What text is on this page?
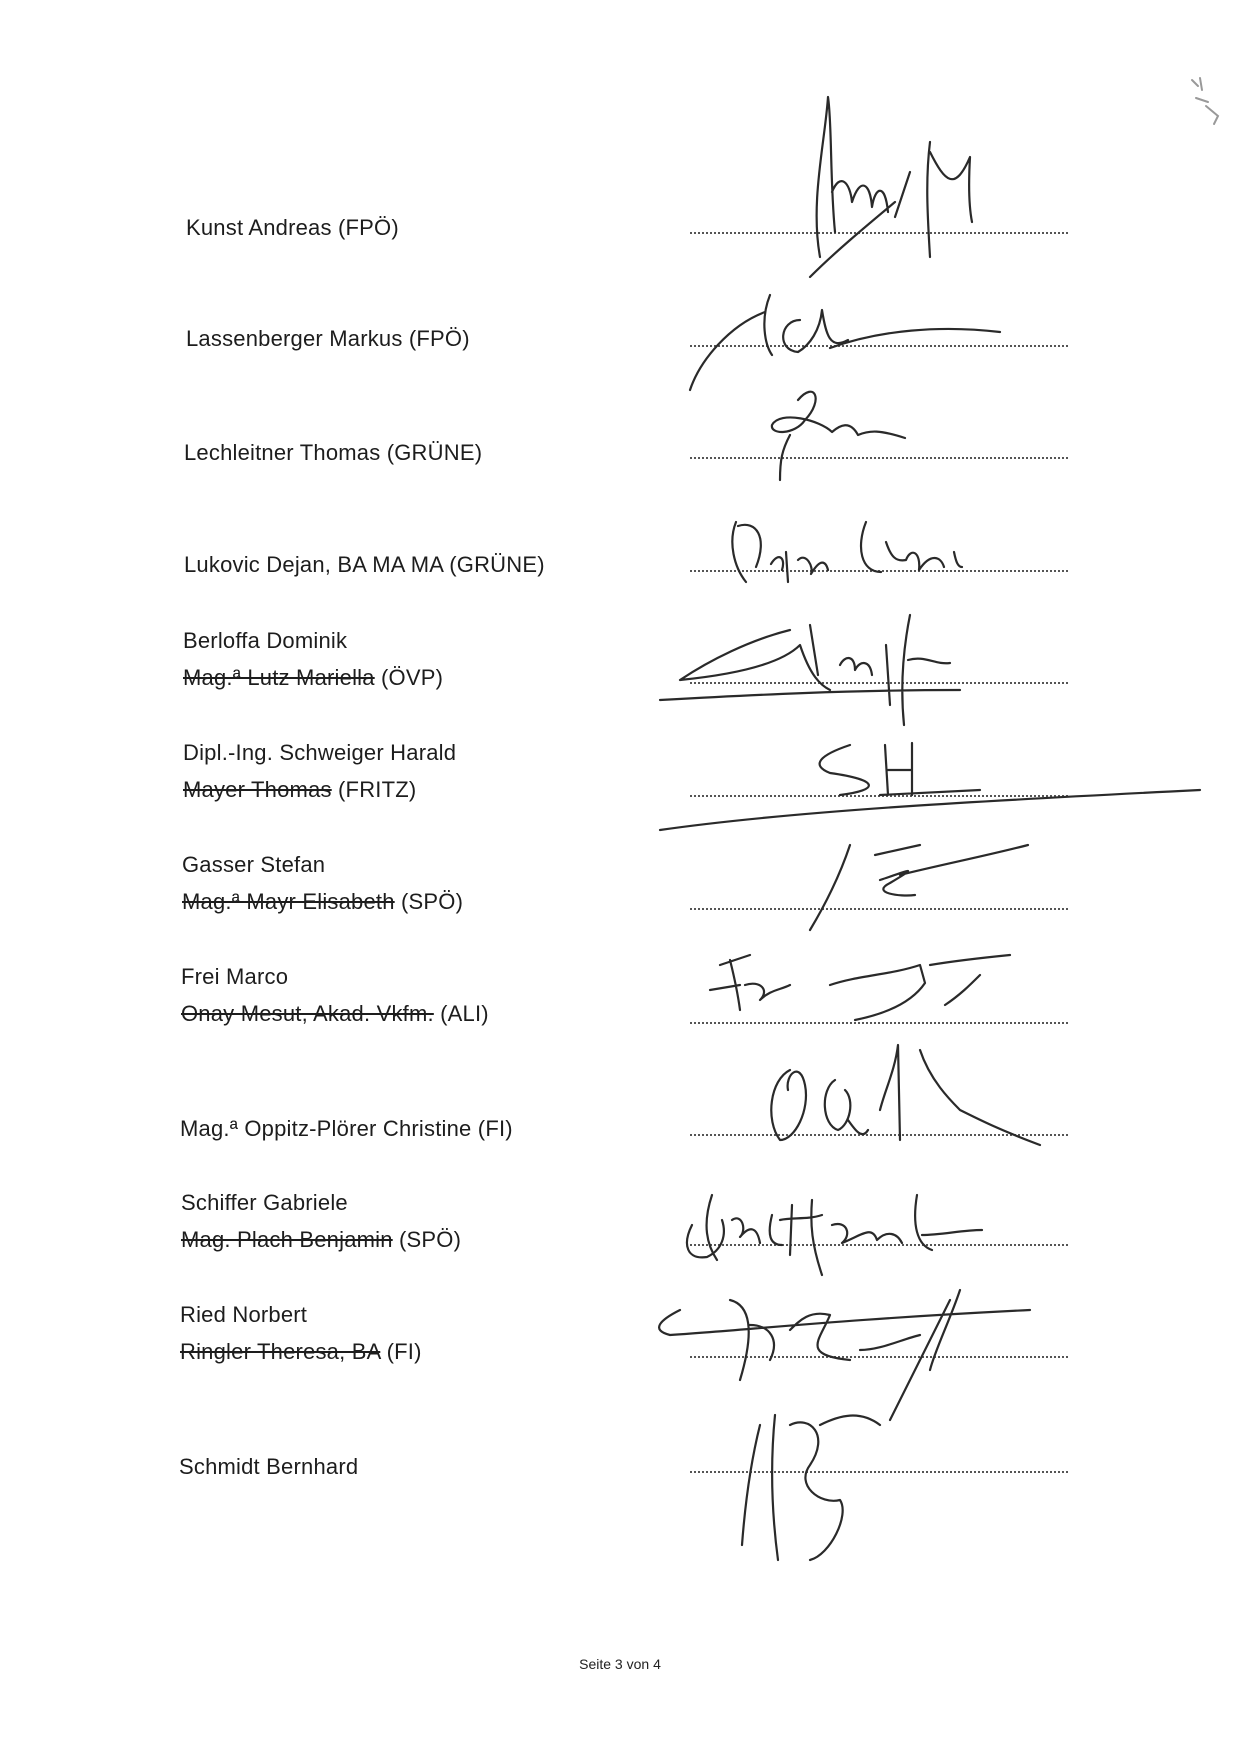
Kunst Andreas (FPÖ)
Lassenberger Markus (FPÖ)
Lechleitner Thomas (GRÜNE)
Lukovic Dejan, BA MA MA (GRÜNE)
Berloffa Dominik
Mag.ª Lutz Mariella (ÖVP)
Dipl.-Ing. Schweiger Harald
Mayer Thomas (FRITZ)
Gasser Stefan
Mag.ª Mayr Elisabeth (SPÖ)
Frei Marco
Onay Mesut, Akad. Vkfm. (ALI)
Mag.ª Oppitz-Plörer Christine (FI)
Schiffer Gabriele
Mag. Plach Benjamin (SPÖ)
Ried Norbert
Ringler Theresa, BA (FI)
Schmidt Bernhard
Seite 3 von 4
